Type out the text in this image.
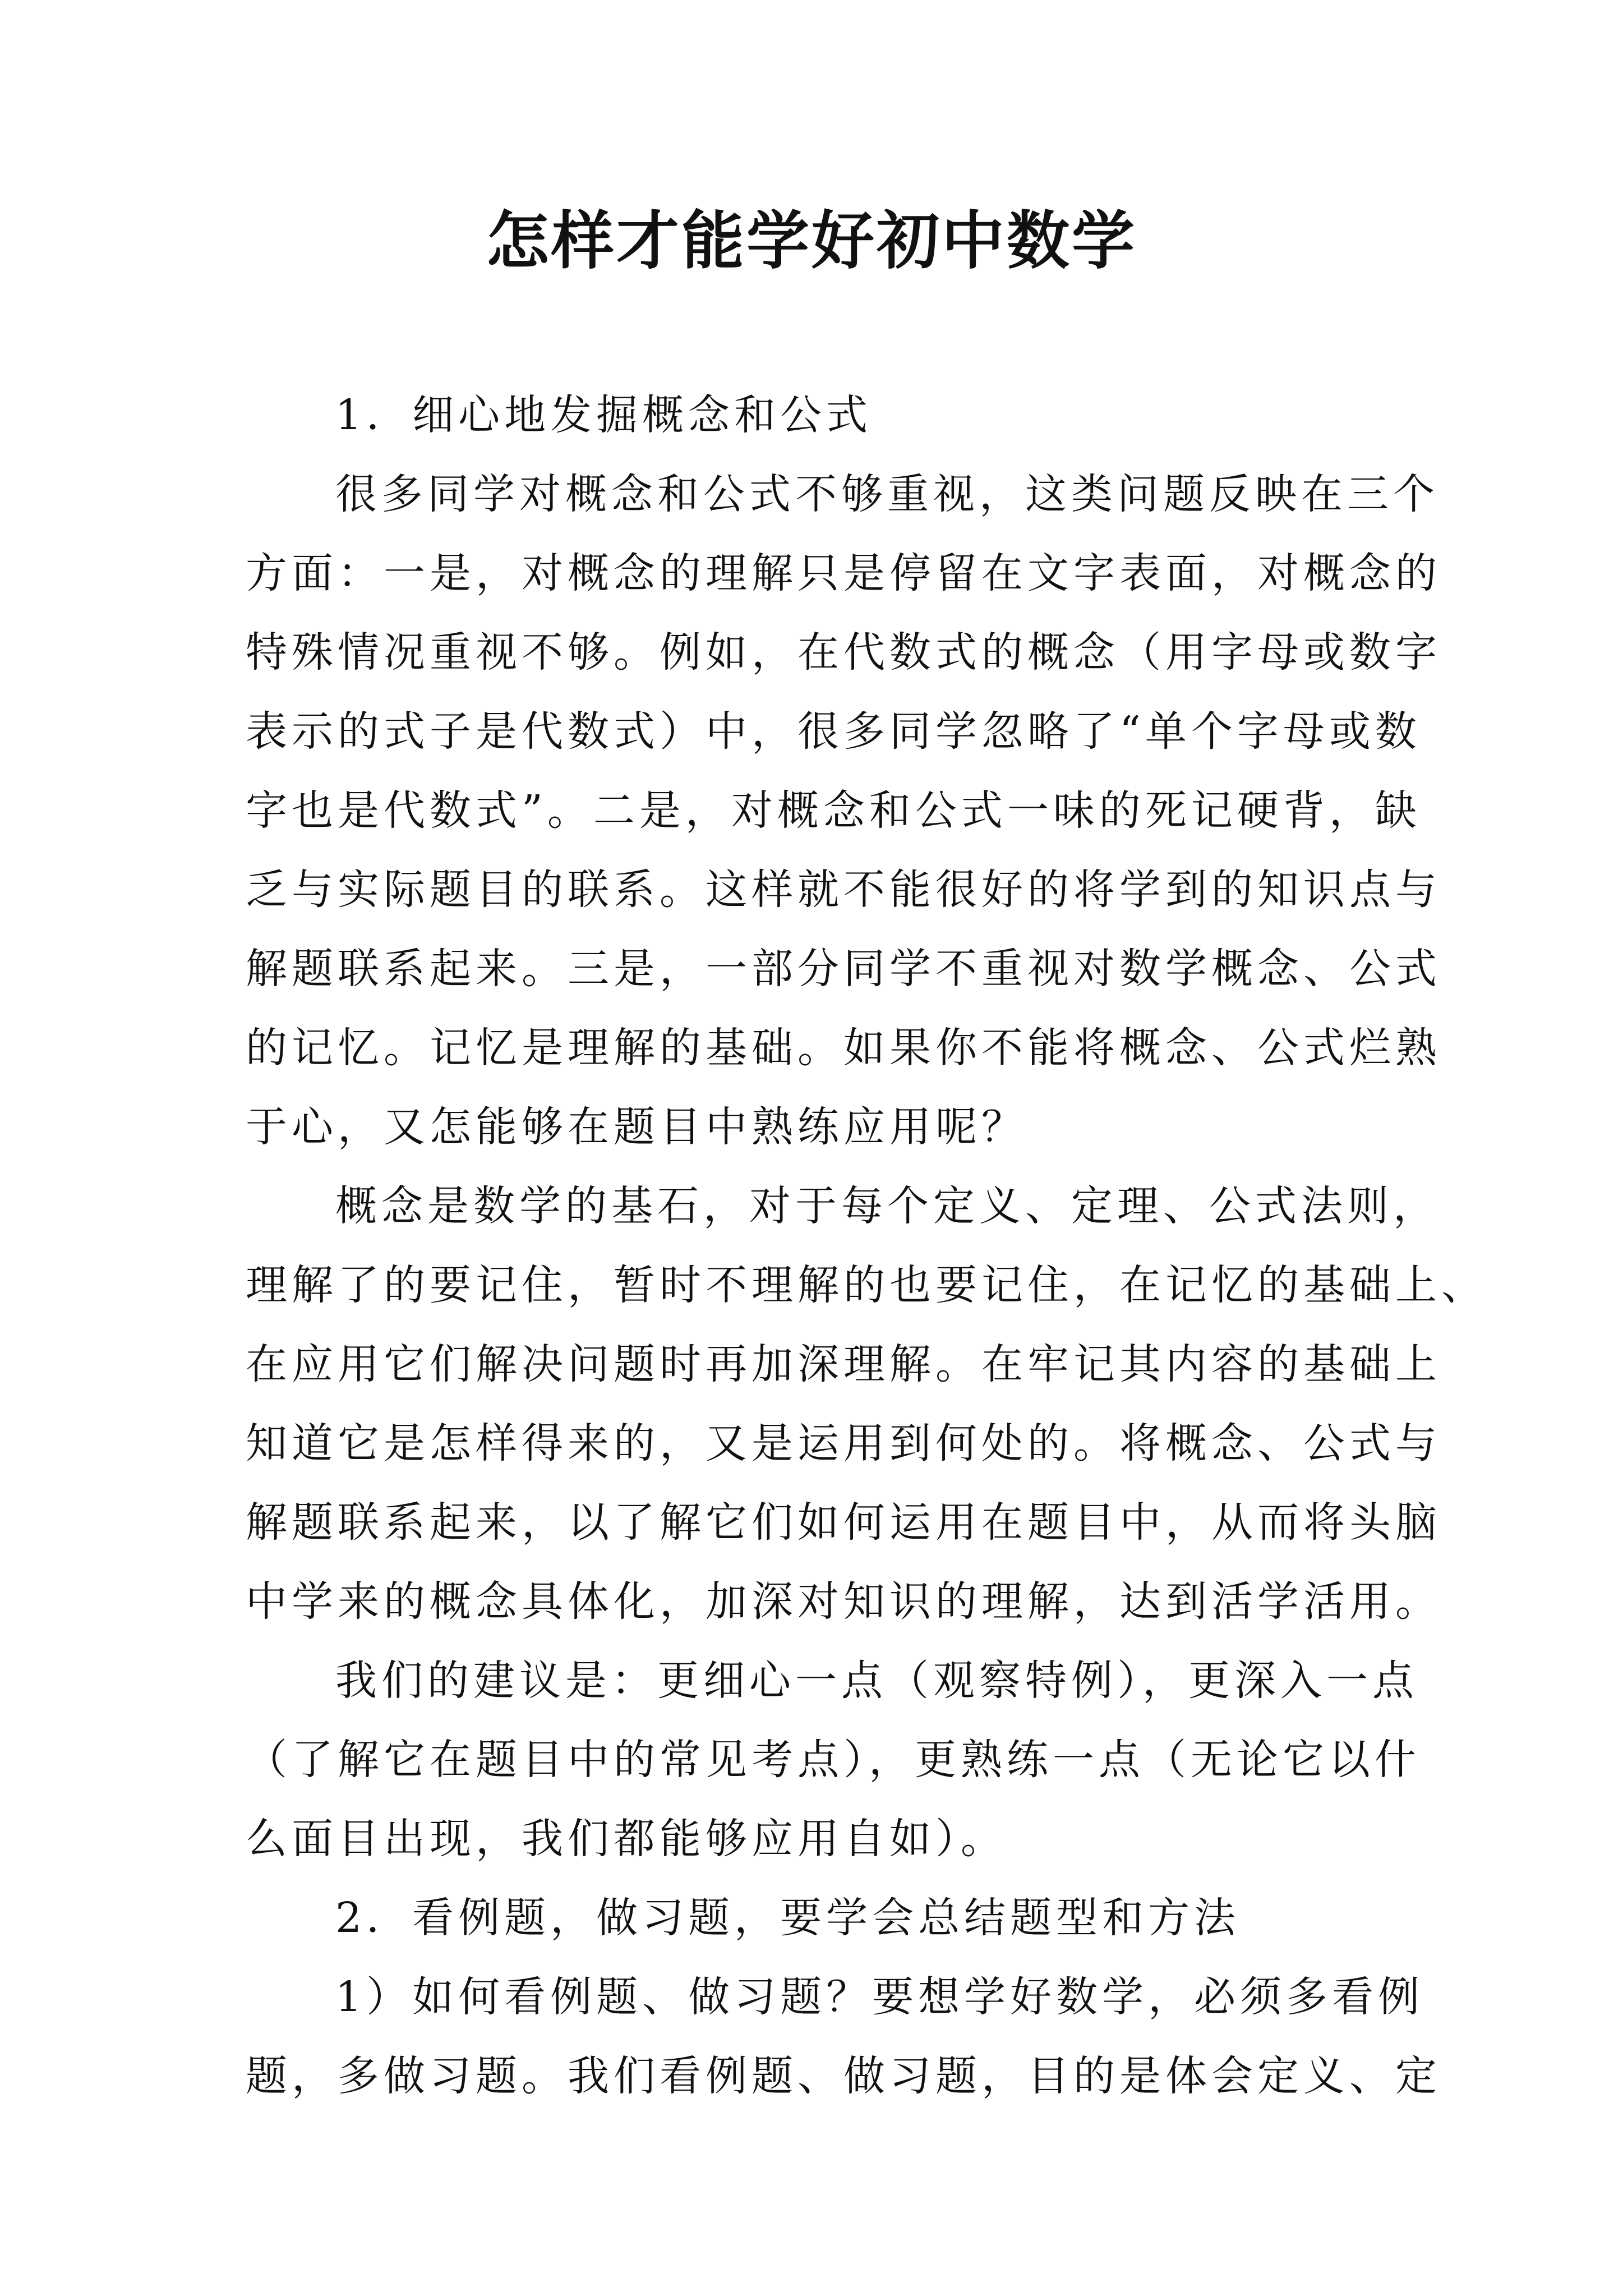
怎样才能学好初中数学
1．细心地发掘概念和公式
很多同学对概念和公式不够重视，这类问题反映在三个
方面：一是，对概念的理解只是停留在文字表面，对概念的
特殊情况重视不够。例如，在代数式的概念（用字母或数字
表示的式子是代数式）中，很多同学忽略了“单个字母或数
字也是代数式”。二是，对概念和公式一味的死记硬背，缺
乏与实际题目的联系。这样就不能很好的将学到的知识点与
解题联系起来。三是，一部分同学不重视对数学概念、公式
的记忆。记忆是理解的基础。如果你不能将概念、公式烂熟
于心，又怎能够在题目中熟练应用呢？
概念是数学的基石，对于每个定义、定理、公式法则，
理解了的要记住，暂时不理解的也要记住，在记忆的基础上、
在应用它们解决问题时再加深理解。在牢记其内容的基础上
知道它是怎样得来的，又是运用到何处的。将概念、公式与
解题联系起来，以了解它们如何运用在题目中，从而将头脑
中学来的概念具体化，加深对知识的理解，达到活学活用。
我们的建议是：更细心一点（观察特例），更深入一点
（了解它在题目中的常见考点），更熟练一点（无论它以什
么面目出现，我们都能够应用自如）。
2．看例题，做习题，要学会总结题型和方法
1）如何看例题、做习题？要想学好数学，必须多看例
题，多做习题。我们看例题、做习题，目的是体会定义、定
